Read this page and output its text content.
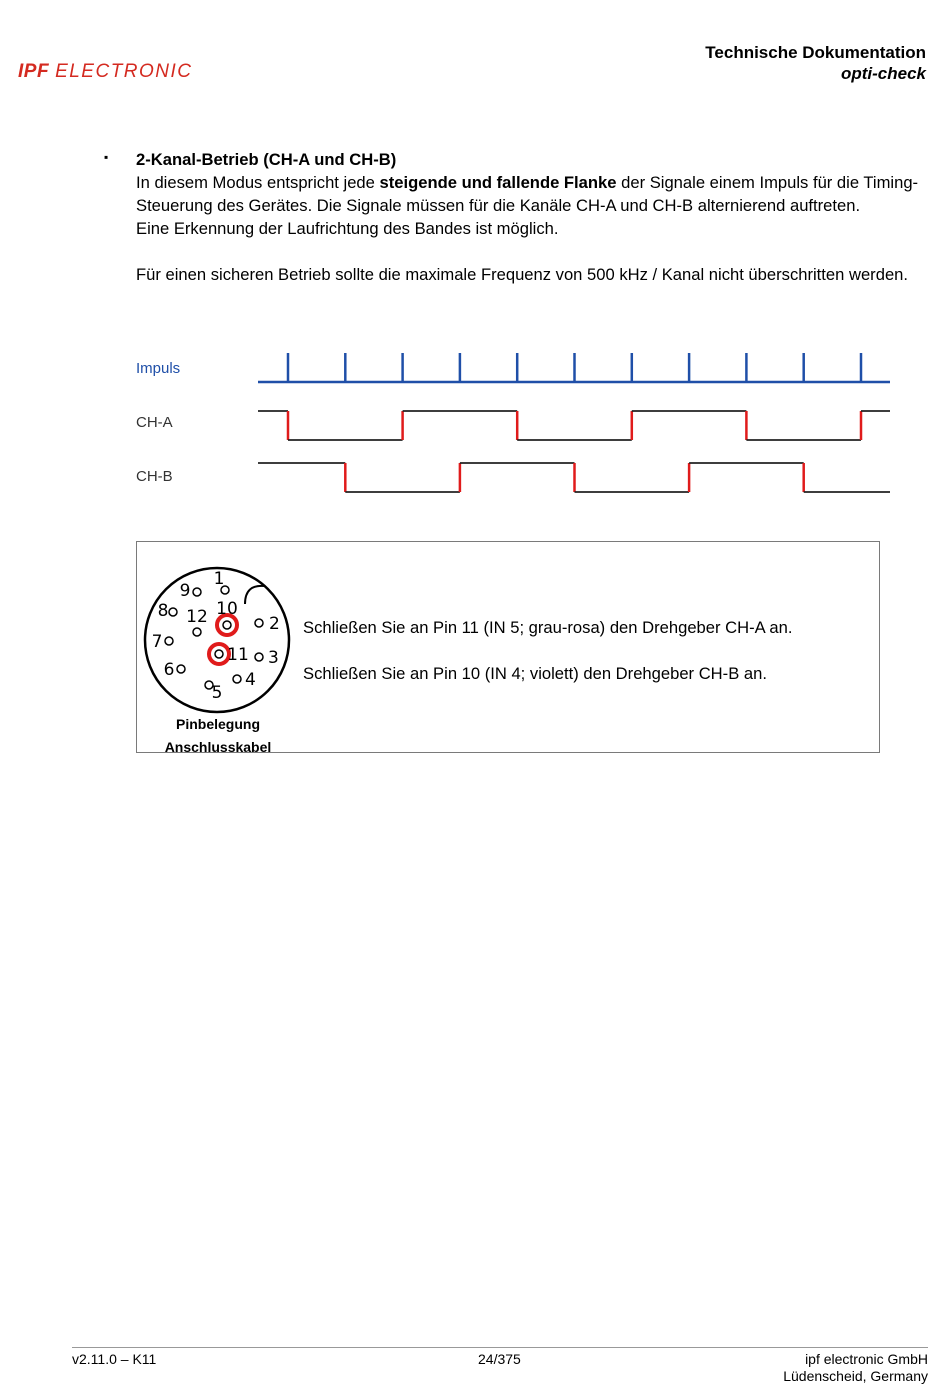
IPF ELECTRONIC
Technische Dokumentation
opti-check
▪ 2-Kanal-Betrieb (CH-A und CH-B)

In diesem Modus entspricht jede steigende und fallende Flanke der Signale einem Impuls für die Timing-Steuerung des Gerätes. Die Signale müssen für die Kanäle CH-A und CH-B alternierend auftreten.

Eine Erkennung der Laufrichtung des Bandes ist möglich.

Für einen sicheren Betrieb sollte die maximale Frequenz von 500 kHz / Kanal nicht überschritten werden.

Impuls
CH-A
CH-B
1
2
3
4
5
6
7
8
9
10
11
12
Pinbelegung
Anschlusskabel

Schließen Sie an Pin 11 (IN 5; grau-rosa) den Drehgeber CH-A an.

Schließen Sie an Pin 10 (IN 4; violett) den Drehgeber CH-B an.

v2.11.0 – K11	24/375	ipf electronic GmbH
Lüdenscheid, Germany
